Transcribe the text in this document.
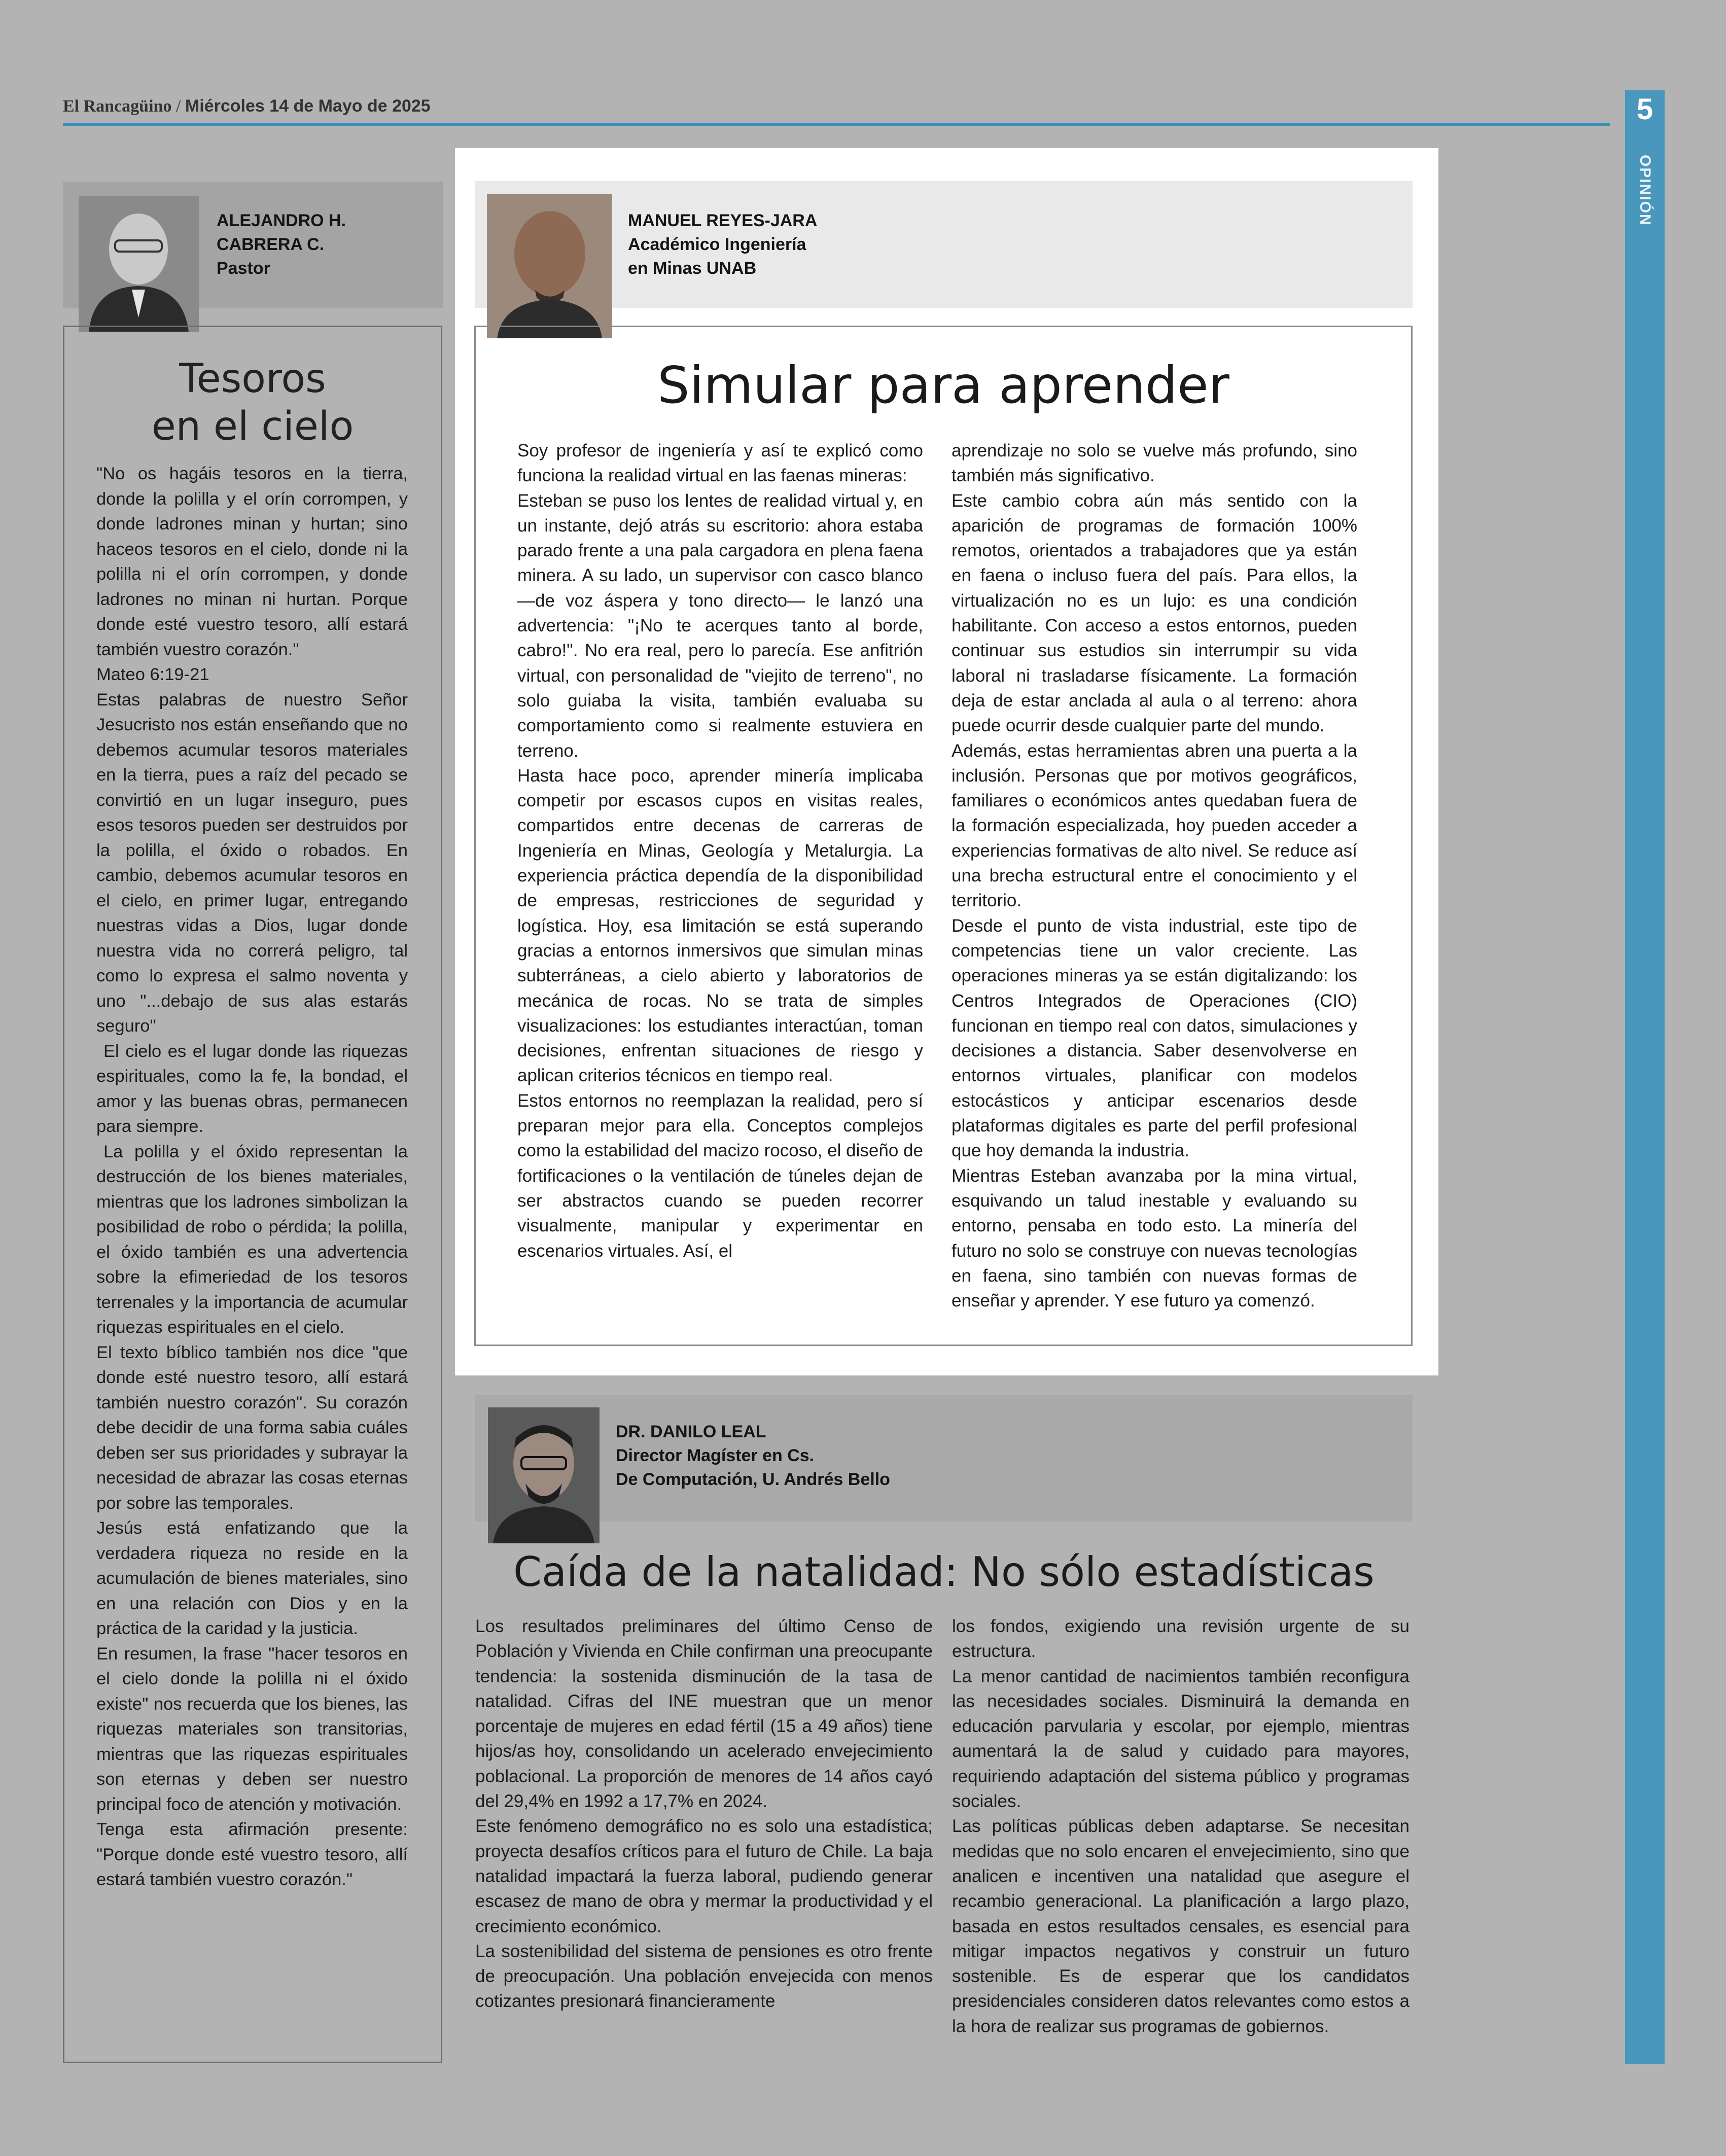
El Rancagüino / Miércoles 14 de Mayo de 2025	5
OPINIÓN
ALEJANDRO H.
CABRERA C.
Pastor
Tesoros
en el cielo

"No os hagáis tesoros en la tierra, donde la polilla y el orín corrompen, y donde ladrones minan y hurtan; sino haceos tesoros en el cielo, donde ni la polilla ni el orín corrompen, y donde ladrones no minan ni hurtan. Porque donde esté vuestro tesoro, allí estará también vuestro corazón."

Mateo 6:19-21

Estas palabras de nuestro Señor Jesucristo nos están enseñando que no debemos acumular tesoros materiales en la tierra, pues a raíz del pecado se convirtió en un lugar inseguro, pues esos tesoros pueden ser destruidos por la polilla, el óxido o robados. En cambio, debemos acumular tesoros en el cielo, en primer lugar, entregando nuestras vidas a Dios, lugar donde nuestra vida no correrá peligro, tal como lo expresa el salmo noventa y uno "...debajo de sus alas estarás seguro"

El cielo es el lugar donde las riquezas espirituales, como la fe, la bondad, el amor y las buenas obras, permanecen para siempre.

La polilla y el óxido representan la destrucción de los bienes materiales, mientras que los ladrones simbolizan la posibilidad de robo o pérdida; la polilla, el óxido también es una advertencia sobre la efimeriedad de los tesoros terrenales y la importancia de acumular riquezas espirituales en el cielo.

El texto bíblico también nos dice "que donde esté nuestro tesoro, allí estará también nuestro corazón". Su corazón debe decidir de una forma sabia cuáles deben ser sus prioridades y subrayar la necesidad de abrazar las cosas eternas por sobre las temporales.

Jesús está enfatizando que la verdadera riqueza no reside en la acumulación de bienes materiales, sino en una relación con Dios y en la práctica de la caridad y la justicia.

En resumen, la frase "hacer tesoros en el cielo donde la polilla ni el óxido existe" nos recuerda que los bienes, las riquezas materiales son transitorias, mientras que las riquezas espirituales son eternas y deben ser nuestro principal foco de atención y motivación.

Tenga esta afirmación presente: "Porque donde esté vuestro tesoro, allí estará también vuestro corazón."

MANUEL REYES-JARA
Académico Ingeniería
en Minas UNAB
Simular para aprender

Soy profesor de ingeniería y así te explicó como funciona la realidad virtual en las faenas mineras:

Esteban se puso los lentes de realidad virtual y, en un instante, dejó atrás su escritorio: ahora estaba parado frente a una pala cargadora en plena faena minera. A su lado, un supervisor con casco blanco —de voz áspera y tono directo— le lanzó una advertencia: "¡No te acerques tanto al borde, cabro!". No era real, pero lo parecía. Ese anfitrión virtual, con personalidad de "viejito de terreno", no solo guiaba la visita, también evaluaba su comportamiento como si realmente estuviera en terreno.

Hasta hace poco, aprender minería implicaba competir por escasos cupos en visitas reales, compartidos entre decenas de carreras de Ingeniería en Minas, Geología y Metalurgia. La experiencia práctica dependía de la disponibilidad de empresas, restricciones de seguridad y logística. Hoy, esa limitación se está superando gracias a entornos inmersivos que simulan minas subterráneas, a cielo abierto y laboratorios de mecánica de rocas. No se trata de simples visualizaciones: los estudiantes interactúan, toman decisiones, enfrentan situaciones de riesgo y aplican criterios técnicos en tiempo real.

Estos entornos no reemplazan la realidad, pero sí preparan mejor para ella. Conceptos complejos como la estabilidad del macizo rocoso, el diseño de fortificaciones o la ventilación de túneles dejan de ser abstractos cuando se pueden recorrer visualmente, manipular y experimentar en escenarios virtuales. Así, el

aprendizaje no solo se vuelve más profundo, sino también más significativo.

Este cambio cobra aún más sentido con la aparición de programas de formación 100% remotos, orientados a trabajadores que ya están en faena o incluso fuera del país. Para ellos, la virtualización no es un lujo: es una condición habilitante. Con acceso a estos entornos, pueden continuar sus estudios sin interrumpir su vida laboral ni trasladarse físicamente. La formación deja de estar anclada al aula o al terreno: ahora puede ocurrir desde cualquier parte del mundo.

Además, estas herramientas abren una puerta a la inclusión. Personas que por motivos geográficos, familiares o económicos antes quedaban fuera de la formación especializada, hoy pueden acceder a experiencias formativas de alto nivel. Se reduce así una brecha estructural entre el conocimiento y el territorio.

Desde el punto de vista industrial, este tipo de competencias tiene un valor creciente. Las operaciones mineras ya se están digitalizando: los Centros Integrados de Operaciones (CIO) funcionan en tiempo real con datos, simulaciones y decisiones a distancia. Saber desenvolverse en entornos virtuales, planificar con modelos estocásticos y anticipar escenarios desde plataformas digitales es parte del perfil profesional que hoy demanda la industria.

Mientras Esteban avanzaba por la mina virtual, esquivando un talud inestable y evaluando su entorno, pensaba en todo esto. La minería del futuro no solo se construye con nuevas tecnologías en faena, sino también con nuevas formas de enseñar y aprender. Y ese futuro ya comenzó.

DR. DANILO LEAL
Director Magíster en Cs.
De Computación, U. Andrés Bello
Caída de la natalidad: No sólo estadísticas

Los resultados preliminares del último Censo de Población y Vivienda en Chile confirman una preocupante tendencia: la sostenida disminución de la tasa de natalidad. Cifras del INE muestran que un menor porcentaje de mujeres en edad fértil (15 a 49 años) tiene hijos/as hoy, consolidando un acelerado envejecimiento poblacional. La proporción de menores de 14 años cayó del 29,4% en 1992 a 17,7% en 2024.

Este fenómeno demográfico no es solo una estadística; proyecta desafíos críticos para el futuro de Chile. La baja natalidad impactará la fuerza laboral, pudiendo generar escasez de mano de obra y mermar la productividad y el crecimiento económico.

La sostenibilidad del sistema de pensiones es otro frente de preocupación. Una población envejecida con menos cotizantes presionará financieramente

los fondos, exigiendo una revisión urgente de su estructura.

La menor cantidad de nacimientos también reconfigura las necesidades sociales. Disminuirá la demanda en educación parvularia y escolar, por ejemplo, mientras aumentará la de salud y cuidado para mayores, requiriendo adaptación del sistema público y programas sociales.

Las políticas públicas deben adaptarse. Se necesitan medidas que no solo encaren el envejecimiento, sino que analicen e incentiven una natalidad que asegure el recambio generacional. La planificación a largo plazo, basada en estos resultados censales, es esencial para mitigar impactos negativos y construir un futuro sostenible. Es de esperar que los candidatos presidenciales consideren datos relevantes como estos a la hora de realizar sus programas de gobiernos.
